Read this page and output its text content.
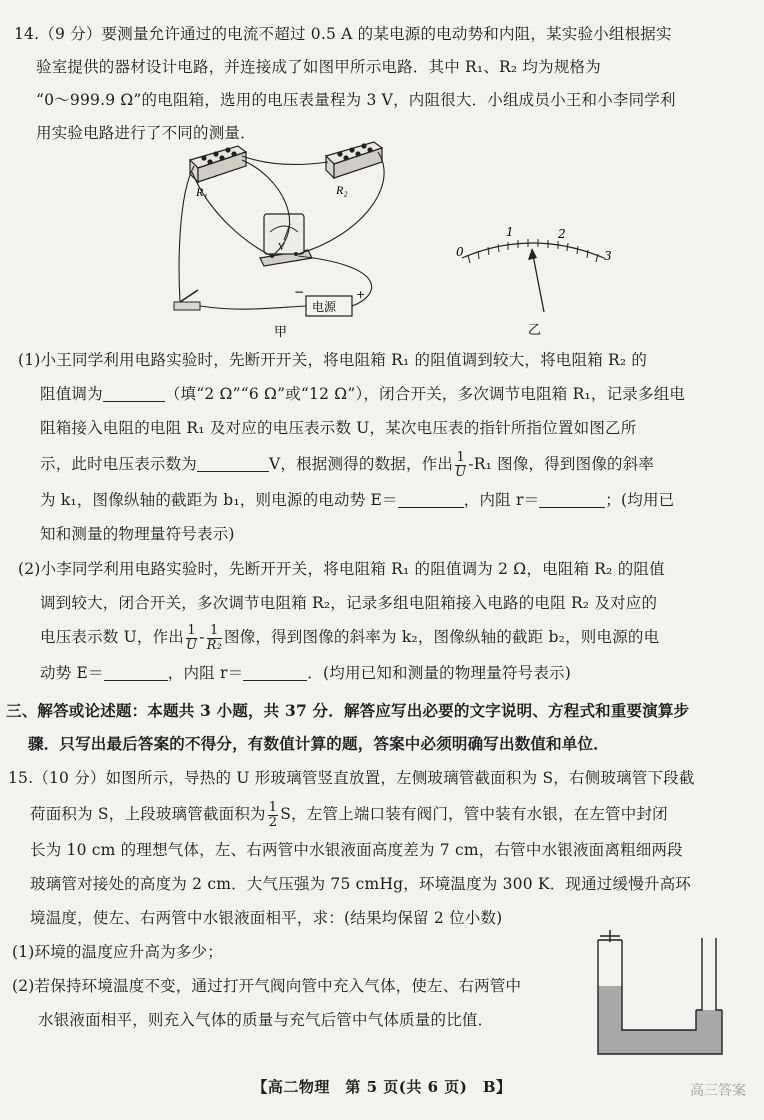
14.（9 分）要测量允许通过的电流不超过 0.5 A 的某电源的电动势和内阻，某实验小组根据实

验室提供的器材设计电路，并连接成了如图甲所示电路．其中 R₁、R₂ 均为规格为

“0～999.9 Ω”的电阻箱，选用的电压表量程为 3 V，内阻很大．小组成员小王和小李同学利

用实验电路进行了不同的测量．

R₁	R₂
V
电源
−	+
甲
0
1	2
3
乙

(1)小王同学利用电路实验时，先断开开关，将电阻箱 R₁ 的阻值调到较大，将电阻箱 R₂ 的

阻值调为	（填“2 Ω”“6 Ω”或“12 Ω”），闭合开关，多次调节电阻箱 R₁，记录多组电

阻箱接入电阻的电阻 R₁ 及对应的电压表示数 U，某次电压表的指针所指位置如图乙所

示，此时电压表示数为	V，根据测得的数据，作出 $\frac{1}{U} -R_1$ 图像，得到图像的斜率

为 k₁，图像纵轴的截距为 b₁，则电源的电动势 E＝	，内阻 r＝	；(均用已

知和测量的物理量符号表示)

(2)小李同学利用电路实验时，先断开开关，将电阻箱 R₁ 的阻值调为 2 Ω，电阻箱 R₂ 的阻值

调到较大，闭合开关，多次调节电阻箱 R₂，记录多组电阻箱接入电路的电阻 R₂ 及对应的

电压表示数 U，作出 $\frac{1}{U} - \frac{1}{\text{R₂}}$ 图像，得到图像的斜率为 k₂，图像纵轴的截距 b₂，则电源的电

动势 E＝	，内阻 r＝	．(均用已知和测量的物理量符号表示)

三、解答或论述题：本题共 3 小题，共 37 分．解答应写出必要的文字说明、方程式和重要演算步

骤．只写出最后答案的不得分，有数值计算的题，答案中必须明确写出数值和单位．

15.（10 分）如图所示，导热的 U 形玻璃管竖直放置，左侧玻璃管截面积为 S，右侧玻璃管下段截

荷面积为 S，上段玻璃管截面积为 $\frac{1}{2}$ S，左管上端口装有阀门，管中装有水银，在左管中封闭

长为 10 cm 的理想气体，左、右两管中水银液面高度差为 7 cm，右管中水银液面离粗细两段

玻璃管对接处的高度为 2 cm．大气压强为 75 cmHg，环境温度为 300 K．现通过缓慢升高环

境温度，使左、右两管中水银液面相平，求：(结果均保留 2 位小数)

(1)环境的温度应升高为多少；

(2)若保持环境温度不变，通过打开气阀向管中充入气体，使左、右两管中

水银液面相平，则充入气体的质量与充气后管中气体质量的比值．

高三答案
【高二物理　第 5 页(共 6 页)　B】
